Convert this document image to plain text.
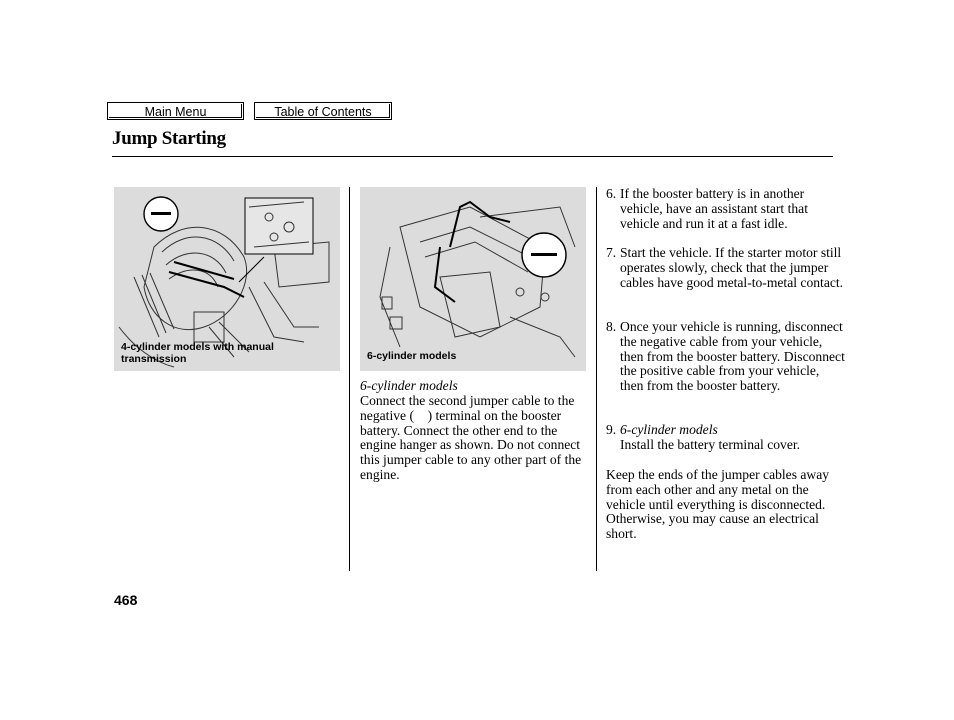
Main Menu	Table of Contents
Jump Starting
4-cylinder models with manual transmission	6-cylinder models
6-cylinder models
Connect the second jumper cable to the negative (  ) terminal on the booster battery. Connect the other end to the engine hanger as shown. Do not connect this jumper cable to any other part of the engine.
6. If the booster battery is in another vehicle, have an assistant start that vehicle and run it at a fast idle.
7. Start the vehicle. If the starter motor still operates slowly, check that the jumper cables have good metal-to-metal contact.
8. Once your vehicle is running, disconnect the negative cable from your vehicle, then from the booster battery. Disconnect the positive cable from your vehicle, then from the booster battery.
9. 6-cylinder models
Install the battery terminal cover.
Keep the ends of the jumper cables away from each other and any metal on the vehicle until everything is disconnected. Otherwise, you may cause an electrical short.
468
